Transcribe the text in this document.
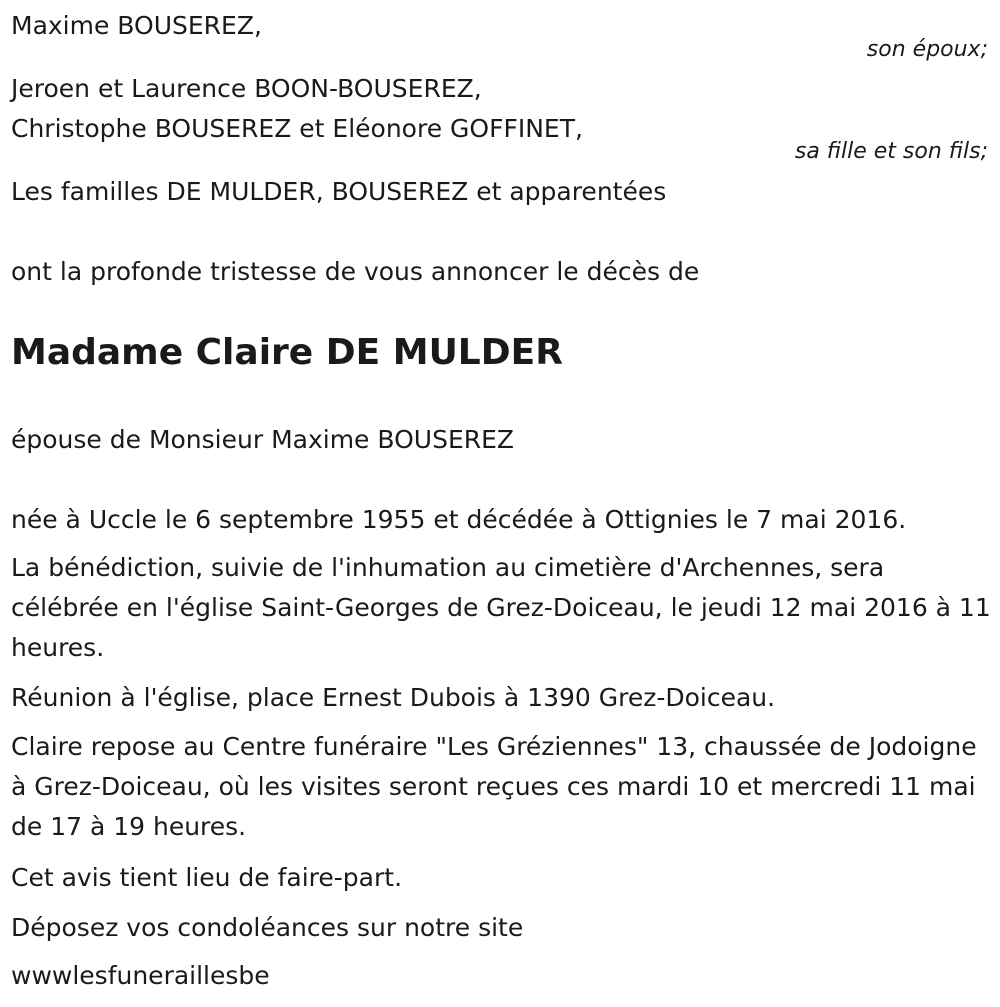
Maxime BOUSEREZ,
son époux;
Jeroen et Laurence BOON-BOUSEREZ,
Christophe BOUSEREZ et Eléonore GOFFINET,
sa fille et son fils;
Les familles DE MULDER, BOUSEREZ et apparentées
ont la profonde tristesse de vous annoncer le décès de
Madame Claire DE MULDER
épouse de Monsieur Maxime BOUSEREZ
née à Uccle le 6 septembre 1955 et décédée à Ottignies le 7 mai 2016.
La bénédiction, suivie de l'inhumation au cimetière d'Archennes, sera célébrée en l'église Saint-Georges de Grez-Doiceau, le jeudi 12 mai 2016 à 11 heures.
Réunion à l'église, place Ernest Dubois à 1390 Grez-Doiceau.
Claire repose au Centre funéraire "Les Gréziennes" 13, chaussée de Jodoigne à Grez-Doiceau, où les visites seront reçues ces mardi 10 et mercredi 11 mai de 17 à 19 heures.
Cet avis tient lieu de faire-part.
Déposez vos condoléances sur notre site
wwwlesfuneraillesbe
